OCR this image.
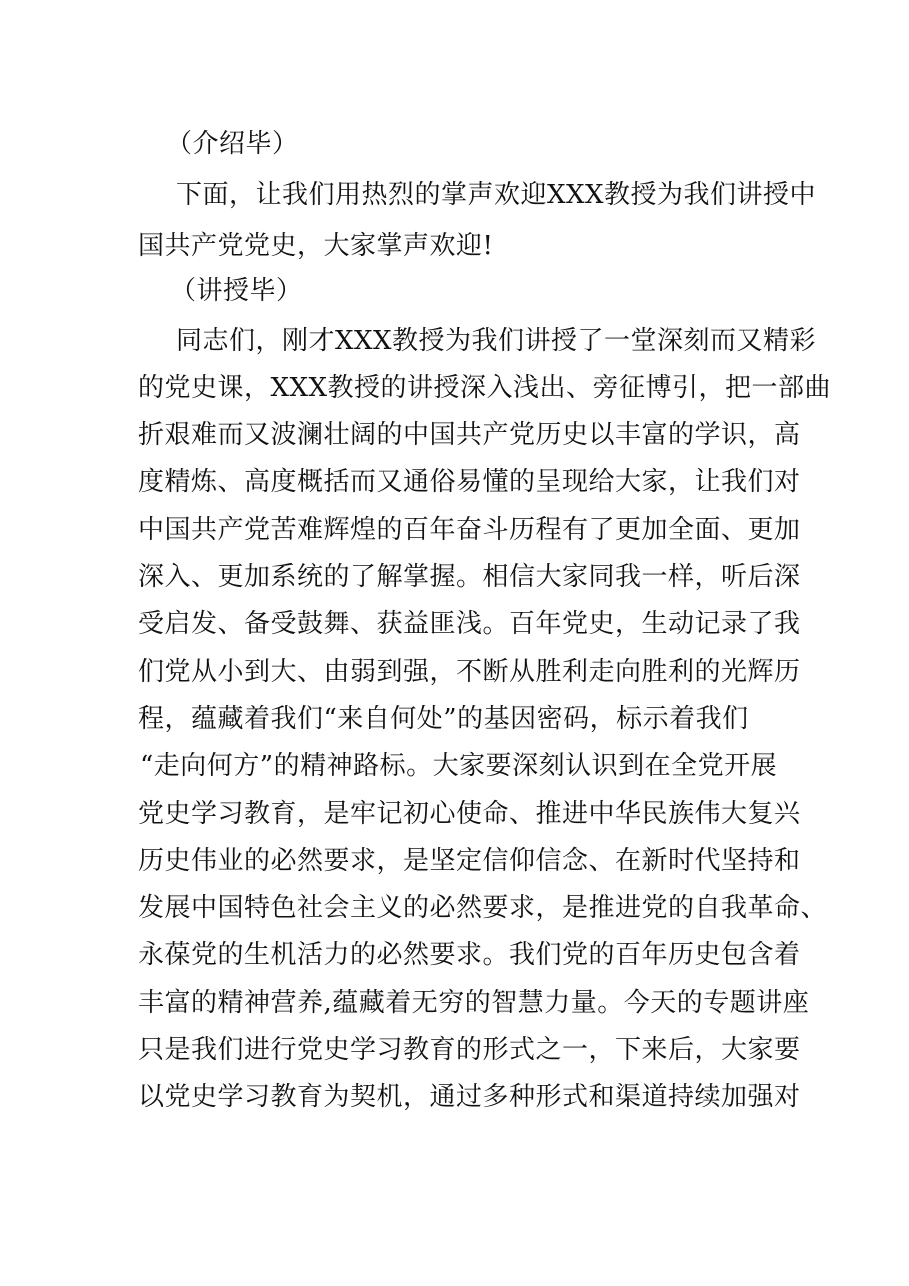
（介绍毕）
下面，让我们用热烈的掌声欢迎XXX教授为我们讲授中
国共产党党史，大家掌声欢迎!
（讲授毕）
同志们，刚才XXX教授为我们讲授了一堂深刻而又精彩
的党史课，XXX教授的讲授深入浅出、旁征博引，把一部曲
折艰难而又波澜壮阔的中国共产党历史以丰富的学识，高
度精炼、高度概括而又通俗易懂的呈现给大家，让我们对
中国共产党苦难辉煌的百年奋斗历程有了更加全面、更加
深入、更加系统的了解掌握。相信大家同我一样，听后深
受启发、备受鼓舞、获益匪浅。百年党史，生动记录了我
们党从小到大、由弱到强，不断从胜利走向胜利的光辉历
程，蕴藏着我们“来自何处”的基因密码，标示着我们
“走向何方”的精神路标。大家要深刻认识到在全党开展
党史学习教育，是牢记初心使命、推进中华民族伟大复兴
历史伟业的必然要求，是坚定信仰信念、在新时代坚持和
发展中国特色社会主义的必然要求，是推进党的自我革命、
永葆党的生机活力的必然要求。我们党的百年历史包含着
丰富的精神营养,蕴藏着无穷的智慧力量。今天的专题讲座
只是我们进行党史学习教育的形式之一，下来后，大家要
以党史学习教育为契机，通过多种形式和渠道持续加强对
